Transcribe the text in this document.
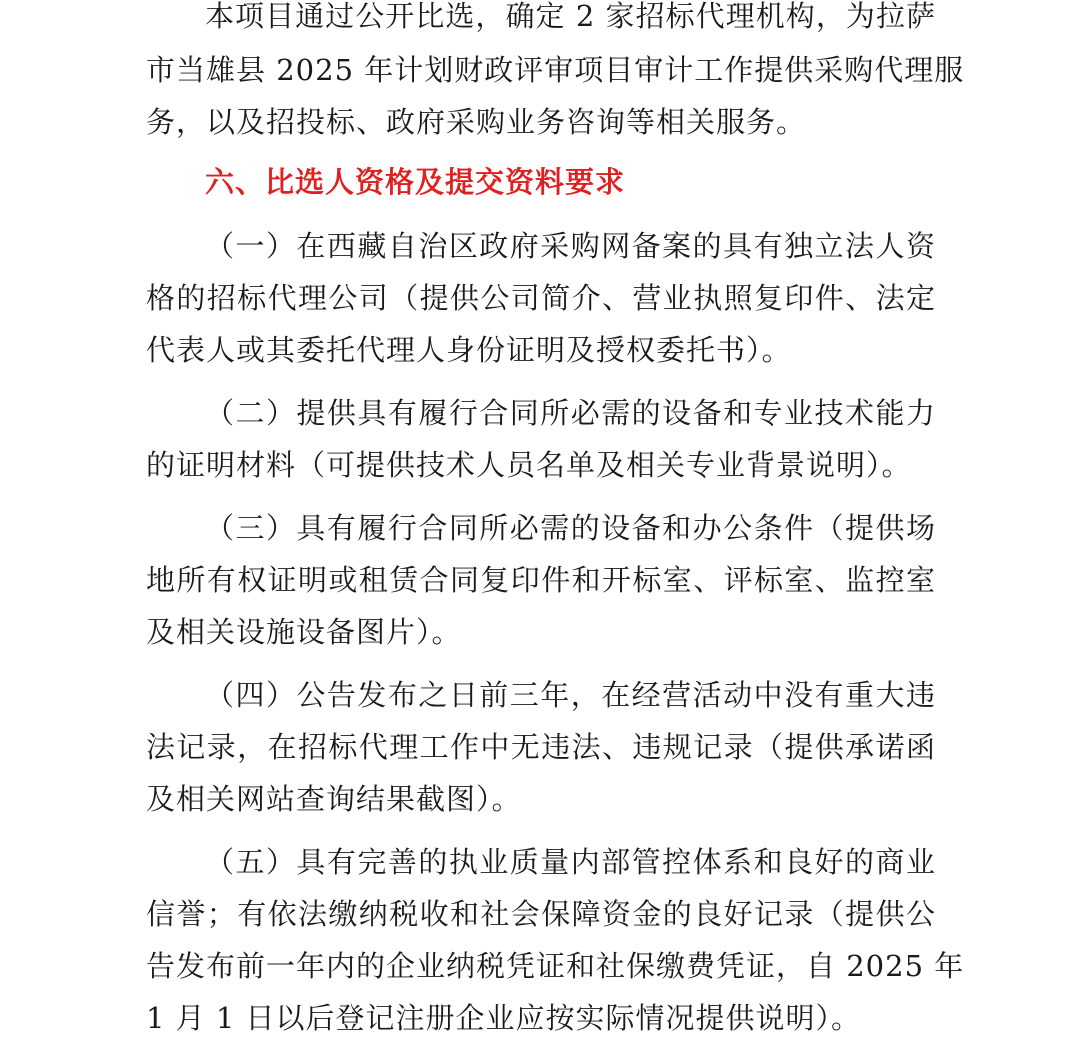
本项目通过公开比选，确定 2 家招标代理机构，为拉萨
市当雄县 2025 年计划财政评审项目审计工作提供采购代理服
务，以及招投标、政府采购业务咨询等相关服务。
六、比选人资格及提交资料要求
（一）在西藏自治区政府采购网备案的具有独立法人资
格的招标代理公司（提供公司简介、营业执照复印件、法定
代表人或其委托代理人身份证明及授权委托书）。
（二）提供具有履行合同所必需的设备和专业技术能力
的证明材料（可提供技术人员名单及相关专业背景说明）。
（三）具有履行合同所必需的设备和办公条件（提供场
地所有权证明或租赁合同复印件和开标室、评标室、监控室
及相关设施设备图片）。
（四）公告发布之日前三年，在经营活动中没有重大违
法记录，在招标代理工作中无违法、违规记录（提供承诺函
及相关网站查询结果截图）。
（五）具有完善的执业质量内部管控体系和良好的商业
信誉；有依法缴纳税收和社会保障资金的良好记录（提供公
告发布前一年内的企业纳税凭证和社保缴费凭证，自 2025 年
1 月 1 日以后登记注册企业应按实际情况提供说明）。
